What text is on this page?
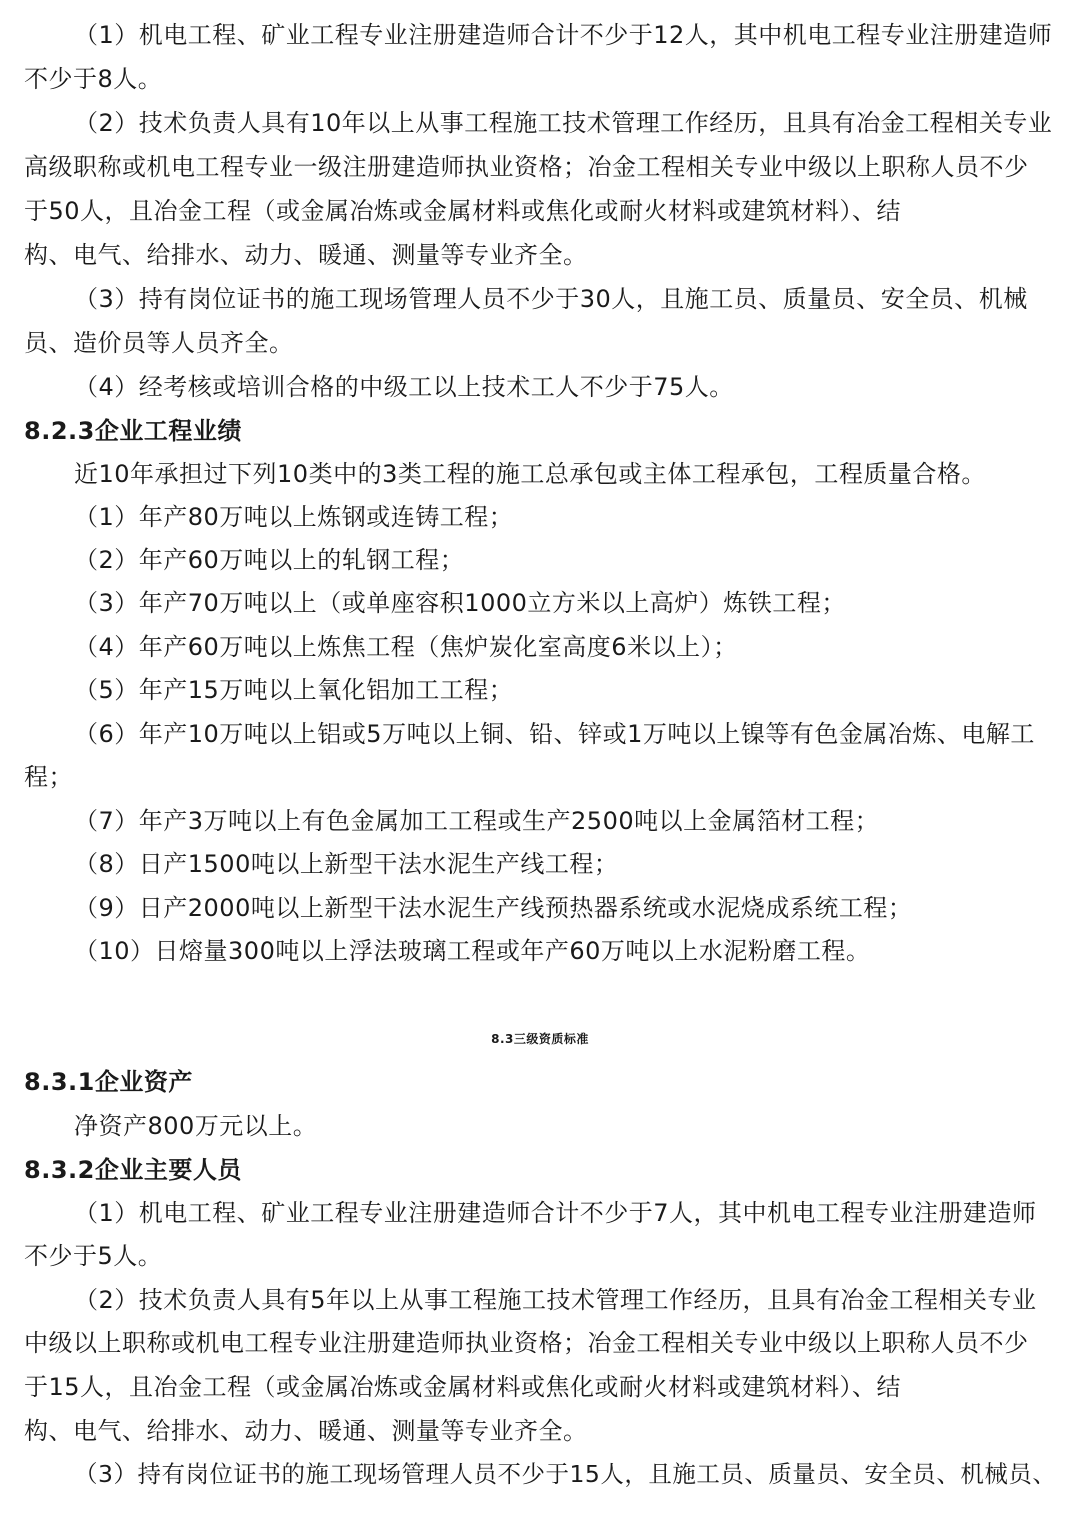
（1）机电工程、矿业工程专业注册建造师合计不少于12人，其中机电工程专业注册建造师
不少于8人。
（2）技术负责人具有10年以上从事工程施工技术管理工作经历，且具有冶金工程相关专业
高级职称或机电工程专业一级注册建造师执业资格；冶金工程相关专业中级以上职称人员不少
于50人，且冶金工程（或金属冶炼或金属材料或焦化或耐火材料或建筑材料）、结
构、电气、给排水、动力、暖通、测量等专业齐全。
（3）持有岗位证书的施工现场管理人员不少于30人，且施工员、质量员、安全员、机械
员、造价员等人员齐全。
（4）经考核或培训合格的中级工以上技术工人不少于75人。
8.2.3企业工程业绩
近10年承担过下列10类中的3类工程的施工总承包或主体工程承包，工程质量合格。
（1）年产80万吨以上炼钢或连铸工程；
（2）年产60万吨以上的轧钢工程；
（3）年产70万吨以上（或单座容积1000立方米以上高炉）炼铁工程；
（4）年产60万吨以上炼焦工程（焦炉炭化室高度6米以上）；
（5）年产15万吨以上氧化铝加工工程；
（6）年产10万吨以上铝或5万吨以上铜、铅、锌或1万吨以上镍等有色金属冶炼、电解工
程；
（7）年产3万吨以上有色金属加工工程或生产2500吨以上金属箔材工程；
（8）日产1500吨以上新型干法水泥生产线工程；
（9）日产2000吨以上新型干法水泥生产线预热器系统或水泥烧成系统工程；
（10）日熔量300吨以上浮法玻璃工程或年产60万吨以上水泥粉磨工程。
8.3三级资质标准
8.3.1企业资产
净资产800万元以上。
8.3.2企业主要人员
（1）机电工程、矿业工程专业注册建造师合计不少于7人，其中机电工程专业注册建造师
不少于5人。
（2）技术负责人具有5年以上从事工程施工技术管理工作经历，且具有冶金工程相关专业
中级以上职称或机电工程专业注册建造师执业资格；冶金工程相关专业中级以上职称人员不少
于15人，且冶金工程（或金属冶炼或金属材料或焦化或耐火材料或建筑材料）、结
构、电气、给排水、动力、暖通、测量等专业齐全。
（3）持有岗位证书的施工现场管理人员不少于15人，且施工员、质量员、安全员、机械员、
